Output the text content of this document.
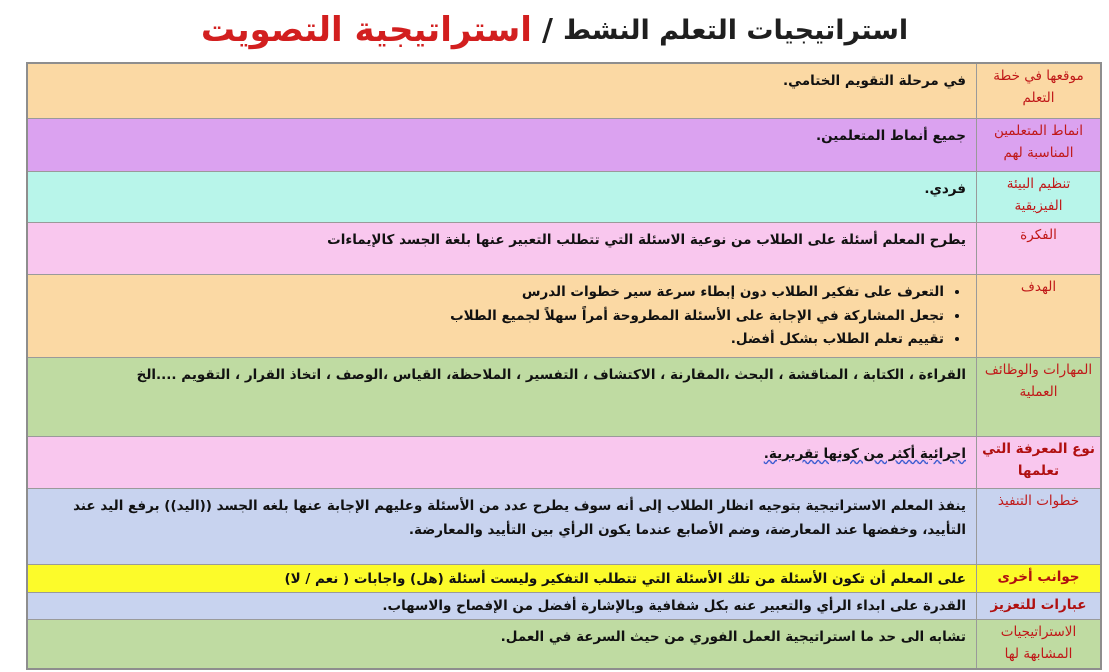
استراتيجيات التعلم النشط
/
استراتيجية التصويت
موقعها في خطة التعلم
في مرحلة التقويم الختامي.
انماط المتعلمين المناسبة لهم
جميع أنماط المتعلمين.
تنظيم البيئة الفيزيقية
فردي.
الفكرة
يطرح المعلم أسئلة على الطلاب من نوعية الاسئلة التي تتطلب التعبير عنها بلغة الجسد كالإيماءات
الهدف
• التعرف على تفكير الطلاب دون إبطاء سرعة سير خطوات الدرس
• تجعل المشاركة في الإجابة على الأسئلة المطروحة أمراً سهلاً لجميع الطلاب
• تقييم تعلم الطلاب بشكل أفضل.
المهارات والوظائف العملية
القراءة ، الكتابة ، المناقشة ، البحث ،المقارنة ، الاكتشاف ، التفسير ، الملاحظة، القياس ،الوصف ، اتخاذ القرار ، التقويم ....الخ
نوع المعرفة التي تعلمها
اجرائية أكثر من كونها تقريرية.
خطوات التنفيذ
ينفذ المعلم الاستراتيجية بتوجيه انظار الطلاب إلى أنه سوف يطرح عدد من الأسئلة وعليهم الإجابة عنها بلغه الجسد ((اليد)) برفع اليد عند التأييد، وخفضها عند المعارضة، وضم الأصابع عندما يكون الرأي بين التأييد والمعارضة.
جوانب أخرى
على المعلم أن تكون الأسئلة من تلك الأسئلة التي تتطلب التفكير وليست أسئلة (هل) واجابات ( نعم / لا)
عبارات للتعزيز
القدرة على ابداء الرأي والتعبير عنه بكل شفافية وبالإشارة أفضل من الإفصاح والاسهاب.
الاستراتيجيات المشابهة لها
تشابه الى حد ما استراتيجية العمل الفوري من حيث السرعة في العمل.
